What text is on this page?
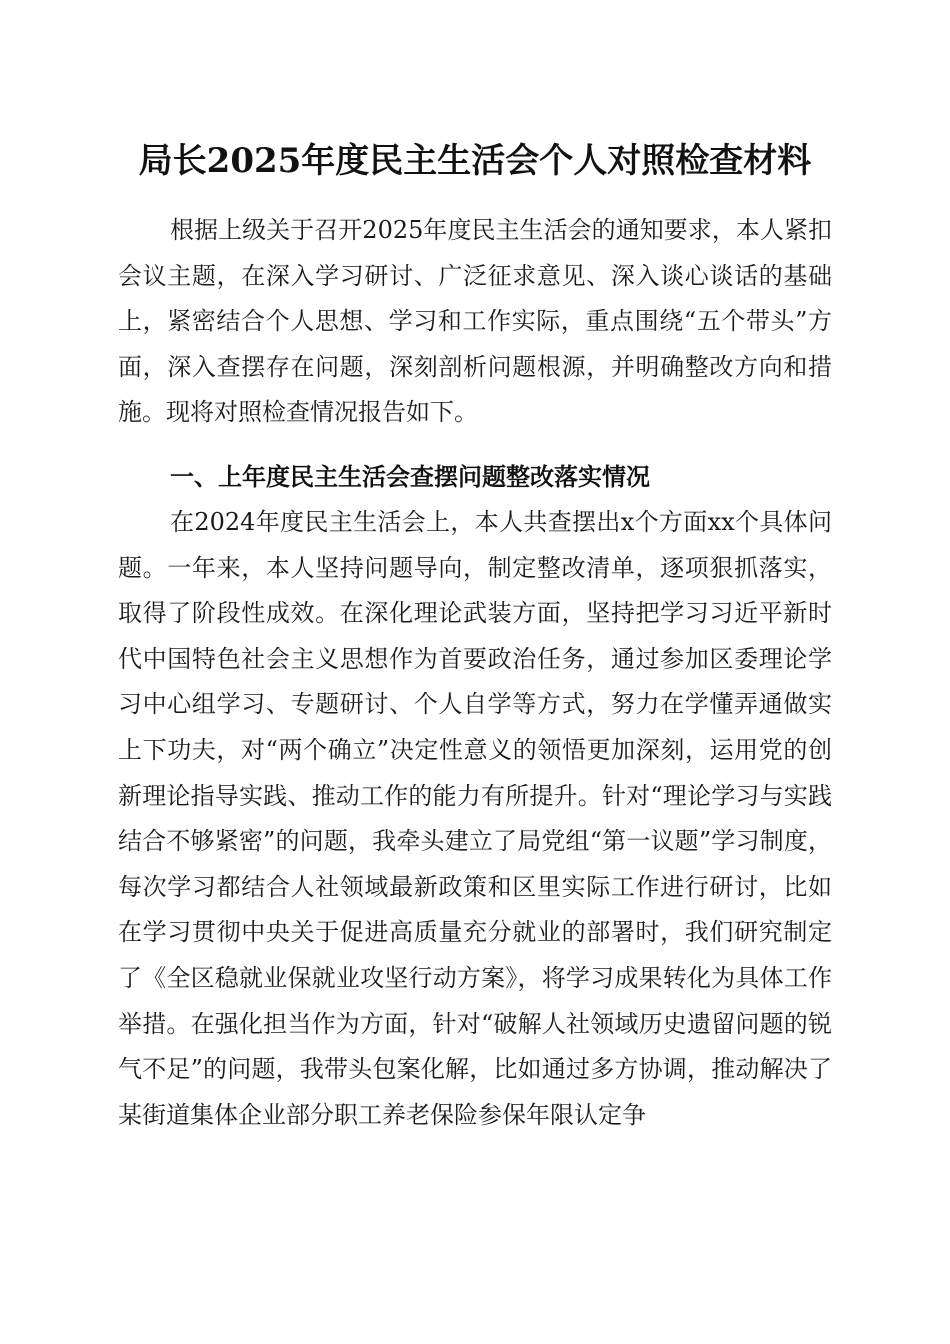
局长2025年度民主生活会个人对照检查材料

根据上级关于召开2025年度民主生活会的通知要求，本人紧扣会议主题，在深入学习研讨、广泛征求意见、深入谈心谈话的基础上，紧密结合个人思想、学习和工作实际，重点围绕“五个带头”方面，深入查摆存在问题，深刻剖析问题根源，并明确整改方向和措施。现将对照检查情况报告如下。

一、上年度民主生活会查摆问题整改落实情况

在2024年度民主生活会上，本人共查摆出x个方面xx个具体问题。一年来，本人坚持问题导向，制定整改清单，逐项狠抓落实，取得了阶段性成效。在深化理论武装方面，坚持把学习习近平新时代中国特色社会主义思想作为首要政治任务，通过参加区委理论学习中心组学习、专题研讨、个人自学等方式，努力在学懂弄通做实上下功夫，对“两个确立”决定性意义的领悟更加深刻，运用党的创新理论指导实践、推动工作的能力有所提升。针对“理论学习与实践结合不够紧密”的问题，我牵头建立了局党组“第一议题”学习制度，每次学习都结合人社领域最新政策和区里实际工作进行研讨，比如在学习贯彻中央关于促进高质量充分就业的部署时，我们研究制定了《全区稳就业保就业攻坚行动方案》，将学习成果转化为具体工作举措。在强化担当作为方面，针对“破解人社领域历史遗留问题的锐气不足”的问题，我带头包案化解，比如通过多方协调，推动解决了某街道集体企业部分职工养老保险参保年限认定争
